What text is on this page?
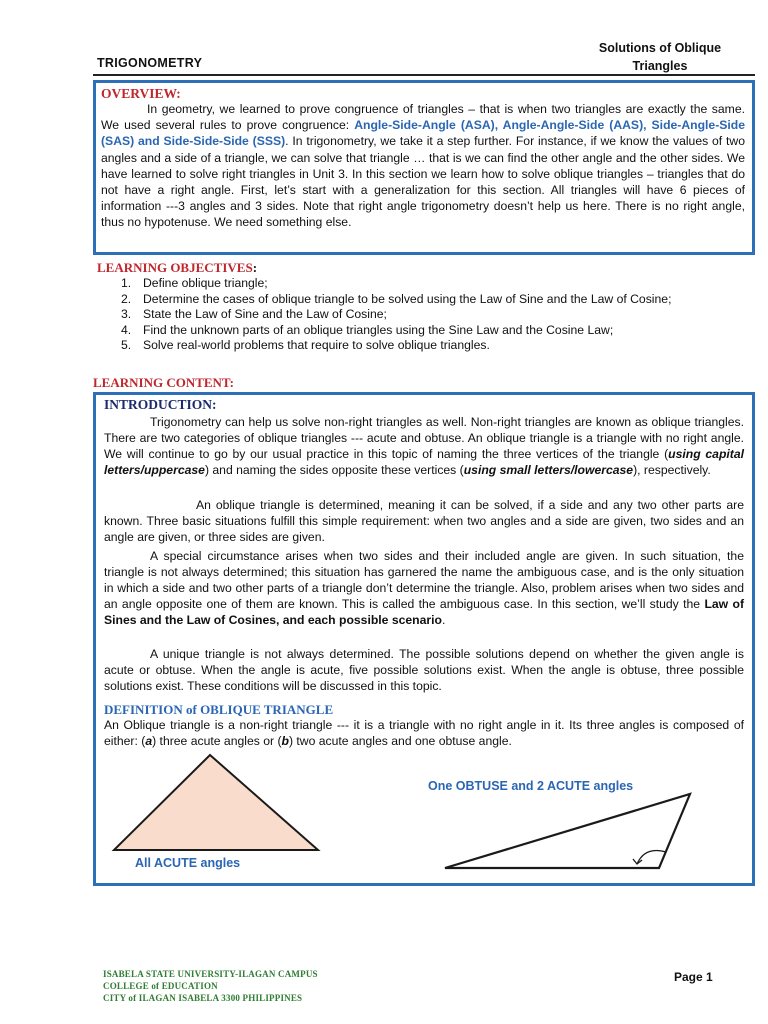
TRIGONOMETRY
Solutions of Oblique
Triangles
OVERVIEW:
In geometry, we learned to prove congruence of triangles – that is when two triangles are exactly the same. We used several rules to prove congruence: Angle-Side-Angle (ASA), Angle-Angle-Side (AAS), Side-Angle-Side (SAS) and Side-Side-Side (SSS). In trigonometry, we take it a step further. For instance, if we know the values of two angles and a side of a triangle, we can solve that triangle … that is we can find the other angle and the other sides. We have learned to solve right triangles in Unit 3. In this section we learn how to solve oblique triangles – triangles that do not have a right angle. First, let’s start with a generalization for this section. All triangles will have 6 pieces of information ---3 angles and 3 sides. Note that right angle trigonometry doesn’t help us here. There is no right angle, thus no hypotenuse. We need something else.
LEARNING OBJECTIVES:
1. Define oblique triangle;
2. Determine the cases of oblique triangle to be solved using the Law of Sine and the Law of Cosine;
3. State the Law of Sine and the Law of Cosine;
4. Find the unknown parts of an oblique triangles using the Sine Law and the Cosine Law;
5. Solve real-world problems that require to solve oblique triangles.
LEARNING CONTENT:
INTRODUCTION:
Trigonometry can help us solve non-right triangles as well. Non-right triangles are known as oblique triangles. There are two categories of oblique triangles --- acute and obtuse. An oblique triangle is a triangle with no right angle. We will continue to go by our usual practice in this topic of naming the three vertices of the triangle (using capital letters/uppercase) and naming the sides opposite these vertices (using small letters/lowercase), respectively.
An oblique triangle is determined, meaning it can be solved, if a side and any two other parts are known. Three basic situations fulfill this simple requirement: when two angles and a side are given, two sides and an angle are given, or three sides are given.
A special circumstance arises when two sides and their included angle are given. In such situation, the triangle is not always determined; this situation has garnered the name the ambiguous case, and is the only situation in which a side and two other parts of a triangle don’t determine the triangle. Also, problem arises when two sides and an angle opposite one of them are known. This is called the ambiguous case. In this section, we’ll study the Law of Sines and the Law of Cosines, and each possible scenario.
A unique triangle is not always determined. The possible solutions depend on whether the given angle is acute or obtuse. When the angle is acute, five possible solutions exist. When the angle is obtuse, three possible solutions exist. These conditions will be discussed in this topic.
DEFINITION of OBLIQUE TRIANGLE
An Oblique triangle is a non-right triangle --- it is a triangle with no right angle in it. Its three angles is composed of either: (a) three acute angles or (b) two acute angles and one obtuse angle.
All ACUTE angles
One OBTUSE and 2 ACUTE angles
ISABELA STATE UNIVERSITY-ILAGAN CAMPUS
COLLEGE of EDUCATION
CITY of ILAGAN ISABELA 3300 PHILIPPINES
Page 1
